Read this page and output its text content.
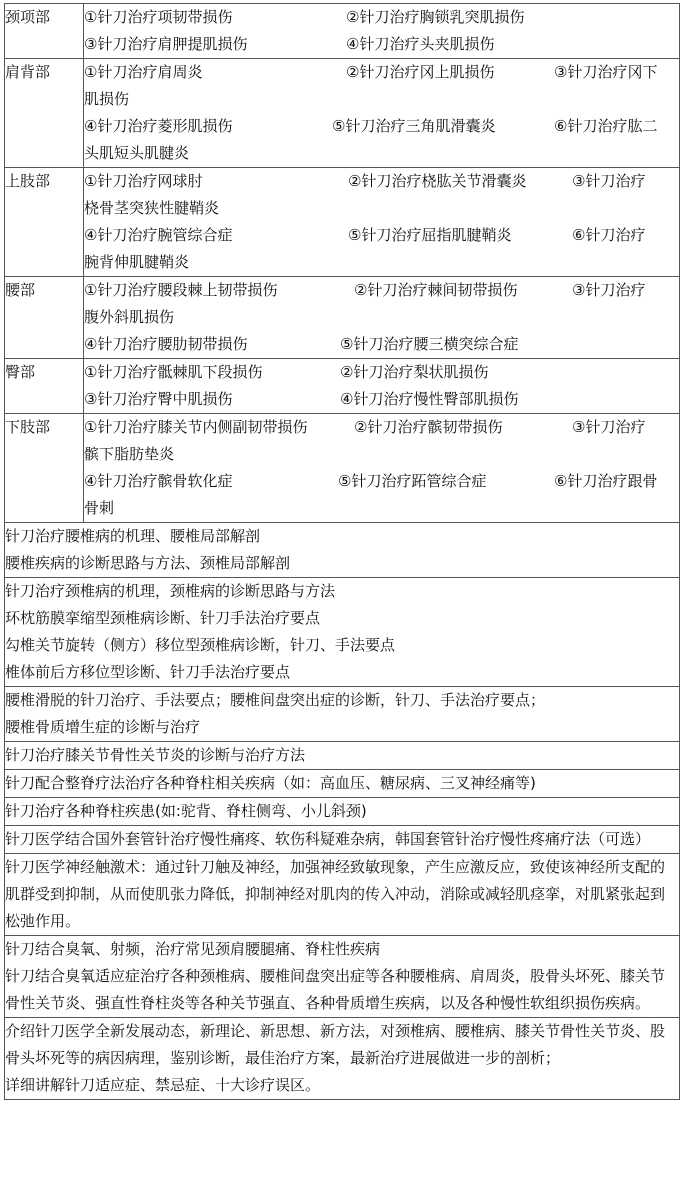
颈项部	①针刀治疗项韧带损伤 ②针刀治疗胸锁乳突肌损伤
③针刀治疗肩胛提肌损伤 ④针刀治疗头夹肌损伤

肩背部	①针刀治疗肩周炎 ②针刀治疗冈上肌损伤 ③针刀治疗冈下肌损伤
④针刀治疗菱形肌损伤 ⑤针刀治疗三角肌滑囊炎 ⑥针刀治疗肱二头肌短头肌腱炎

上肢部	①针刀治疗网球肘 ②针刀治疗桡肱关节滑囊炎 ③针刀治疗桡骨茎突狭性腱鞘炎
④针刀治疗腕管综合症 ⑤针刀治疗屈指肌腱鞘炎 ⑥针刀治疗腕背伸肌腱鞘炎

腰部	①针刀治疗腰段棘上韧带损伤 ②针刀治疗棘间韧带损伤 ③针刀治疗腹外斜肌损伤
④针刀治疗腰肋韧带损伤 ⑤针刀治疗腰三横突综合症

臀部	①针刀治疗骶棘肌下段损伤 ②针刀治疗梨状肌损伤
③针刀治疗臀中肌损伤 ④针刀治疗慢性臀部肌损伤

下肢部	①针刀治疗膝关节内侧副韧带损伤 ②针刀治疗髌韧带损伤 ③针刀治疗髌下脂肪垫炎
④针刀治疗髌骨软化症 ⑤针刀治疗跖管综合症 ⑥针刀治疗跟骨骨刺

针刀治疗腰椎病的机理、腰椎局部解剖
腰椎疾病的诊断思路与方法、颈椎局部解剖	

针刀治疗颈椎病的机理，颈椎病的诊断思路与方法
环枕筋膜挛缩型颈椎病诊断、针刀手法治疗要点
勾椎关节旋转（侧方）移位型颈椎病诊断，针刀、手法要点
椎体前后方移位型诊断、针刀手法治疗要点	

腰椎滑脱的针刀治疗、手法要点；腰椎间盘突出症的诊断，针刀、手法治疗要点；
腰椎骨质增生症的诊断与治疗	

针刀治疗膝关节骨性关节炎的诊断与治疗方法	

针刀配合整脊疗法治疗各种脊柱相关疾病（如：高血压、糖尿病、三叉神经痛等)	

针刀治疗各种脊柱疾患(如:驼背、脊柱侧弯、小儿斜颈)	

针刀医学结合国外套管针治疗慢性痛疼、软伤科疑难杂病，韩国套管针治疗慢性疼痛疗法（可选）	

针刀医学神经触激术：通过针刀触及神经，加强神经致敏现象，产生应激反应，致使该神经所支配的肌群受到抑制，从而使肌张力降低，抑制神经对肌肉的传入冲动，消除或减轻肌痉挛，对肌紧张起到松弛作用。	

针刀结合臭氧、射频，治疗常见颈肩腰腿痛、脊柱性疾病
针刀结合臭氧适应症治疗各种颈椎病、腰椎间盘突出症等各种腰椎病、肩周炎，股骨头坏死、膝关节骨性关节炎、强直性脊柱炎等各种关节强直、各种骨质增生疾病，以及各种慢性软组织损伤疾病。	

介绍针刀医学全新发展动态，新理论、新思想、新方法，对颈椎病、腰椎病、膝关节骨性关节炎、股骨头坏死等的病因病理，鉴别诊断，最佳治疗方案，最新治疗进展做进一步的剖析；
详细讲解针刀适应症、禁忌症、十大诊疗误区。	
